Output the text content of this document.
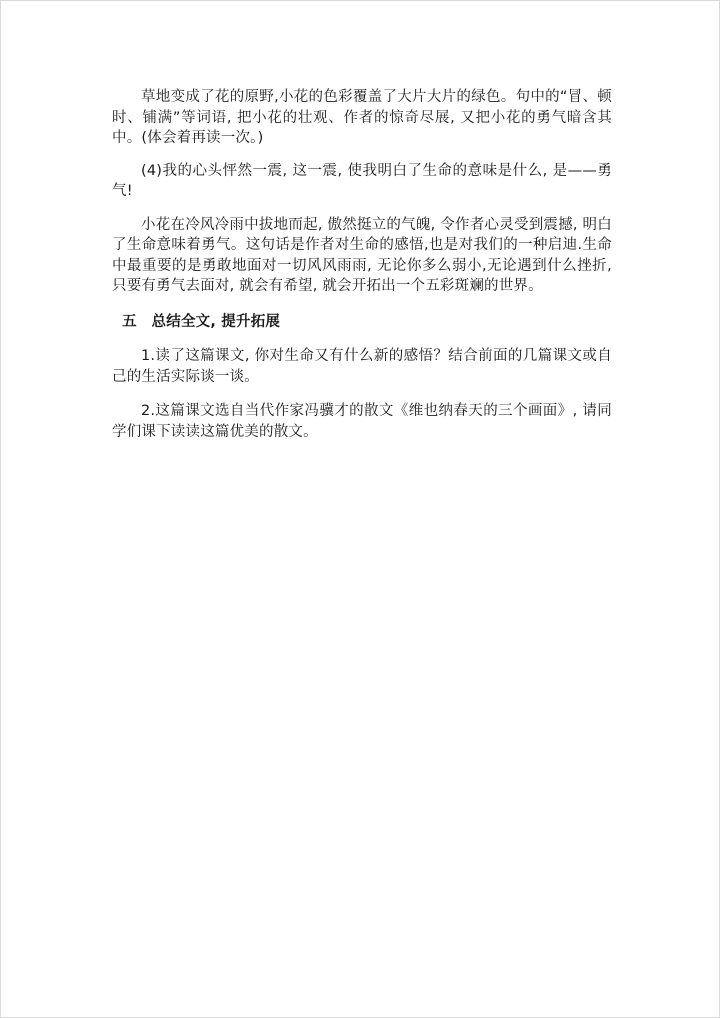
草地变成了花的原野,小花的色彩覆盖了大片大片的绿色。句中的“冒、顿时、铺满”等词语, 把小花的壮观、作者的惊奇尽展, 又把小花的勇气暗含其中。(体会着再读一次。)

(4)我的心头怦然一震, 这一震, 使我明白了生命的意味是什么, 是——勇气!

小花在冷风冷雨中拔地而起, 傲然挺立的气魄, 令作者心灵受到震撼, 明白了生命意味着勇气。这句话是作者对生命的感悟,也是对我们的一种启迪.生命中最重要的是勇敢地面对一切风风雨雨, 无论你多么弱小,无论遇到什么挫折,只要有勇气去面对, 就会有希望, 就会开拓出一个五彩斑斓的世界。

五　总结全文, 提升拓展

1.读了这篇课文, 你对生命又有什么新的感悟？结合前面的几篇课文或自己的生活实际谈一谈。

2.这篇课文选自当代作家冯骥才的散文《维也纳春天的三个画面》, 请同学们课下读读这篇优美的散文。
